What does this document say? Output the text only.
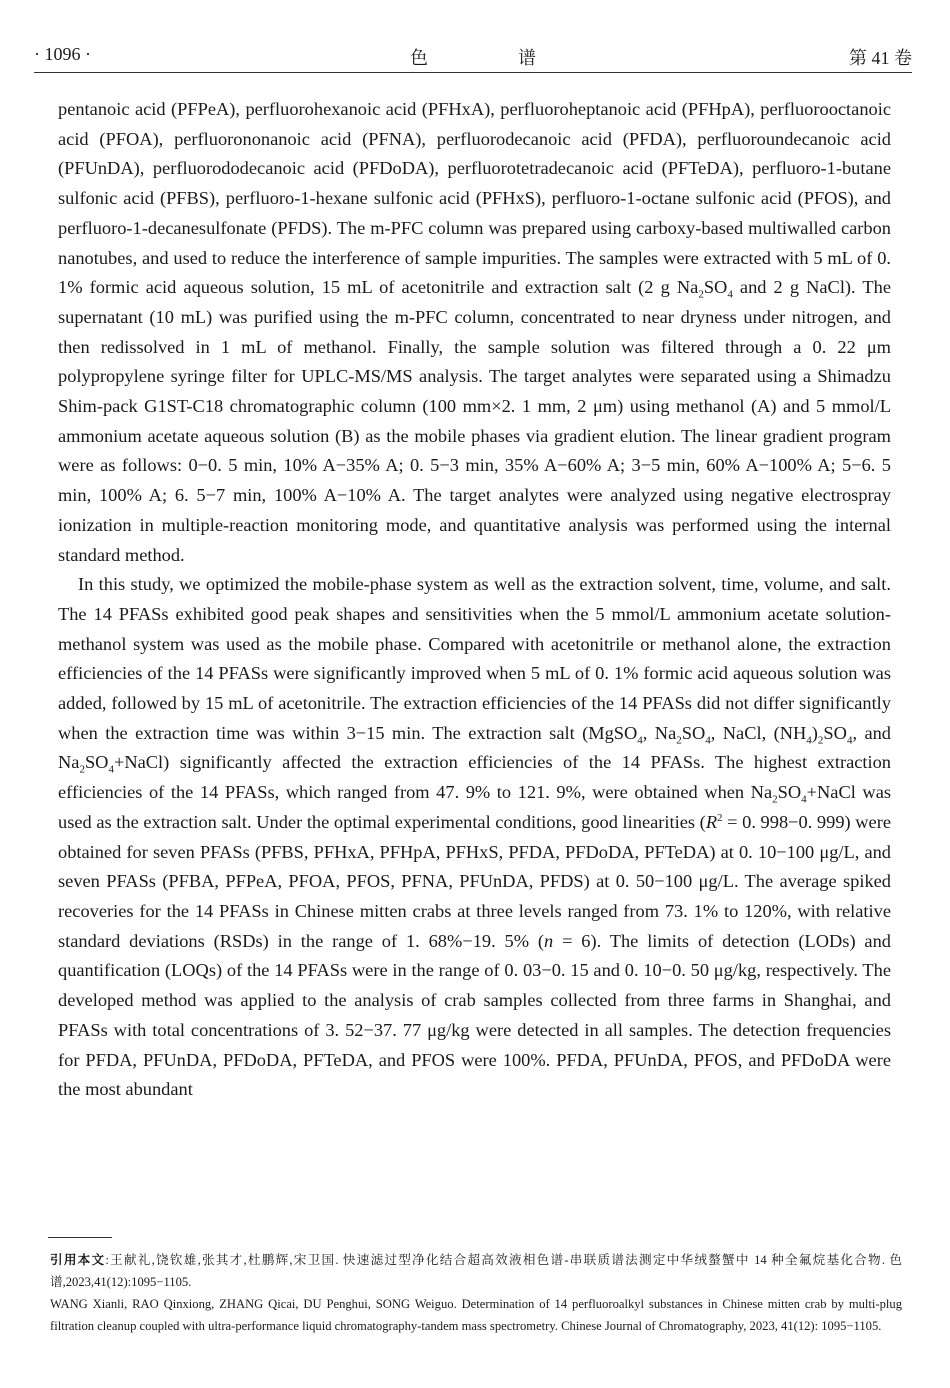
· 1096 ·	色　　　　　谱	第 41 卷

pentanoic acid (PFPeA), perfluorohexanoic acid (PFHxA), perfluoroheptanoic acid (PFHpA), perfluorooctanoic acid (PFOA), perfluorononanoic acid (PFNA), perfluorodecanoic acid (PFDA), perfluoroundecanoic acid (PFUnDA), perfluorododecanoic acid (PFDoDA), perfluorotetradecanoic acid (PFTeDA), perfluoro-1-butane sulfonic acid (PFBS), perfluoro-1-hexane sulfonic acid (PFHxS), perfluoro-1-octane sulfonic acid (PFOS), and perfluoro-1-decanesulfonate (PFDS). The m-PFC column was prepared using carboxy-based multiwalled carbon nanotubes, and used to reduce the interference of sample impurities. The samples were extracted with 5 mL of 0. 1% formic acid aqueous solution, 15 mL of acetonitrile and extraction salt (2 g $Na_2SO_4$ and 2 g NaCl). The supernatant (10 mL) was purified using the m-PFC column, concentrated to near dryness under nitrogen, and then redissolved in 1 mL of methanol. Finally, the sample solution was filtered through a 0. 22 μm polypropylene syringe filter for UPLC-MS/MS analysis. The target analytes were separated using a Shimadzu Shim-pack G1ST-C18 chromatographic column (100 mm×2. 1 mm, 2 μm) using methanol (A) and 5 mmol/L ammonium acetate aqueous solution (B) as the mobile phases via gradient elution. The linear gradient program were as follows: 0−0. 5 min, 10% A−35% A; 0. 5−3 min, 35% A−60% A; 3−5 min, 60% A−100% A; 5−6. 5 min, 100% A; 6. 5−7 min, 100% A−10% A. The target analytes were analyzed using negative electrospray ionization in multiple-reaction monitoring mode, and quantitative analysis was performed using the internal standard method.

In this study, we optimized the mobile-phase system as well as the extraction solvent, time, volume, and salt. The 14 PFASs exhibited good peak shapes and sensitivities when the 5 mmol/L ammonium acetate solution-methanol system was used as the mobile phase. Compared with acetonitrile or methanol alone, the extraction efficiencies of the 14 PFASs were significantly improved when 5 mL of 0. 1% formic acid aqueous solution was added, followed by 15 mL of acetonitrile. The extraction efficiencies of the 14 PFASs did not differ significantly when the extraction time was within 3−15 min. The extraction salt (MgSO$_4$, $Na_2SO_4$, NaCl, $(NH_4)_2SO_4$, and $Na_2SO_4+NaCl$) significantly affected the extraction efficiencies of the 14 PFASs. The highest extraction efficiencies of the 14 PFASs, which ranged from 47. 9% to 121. 9%, were obtained when $Na_2SO_4+NaCl$ was used as the extraction salt. Under the optimal experimental conditions, good linearities ($R^2 = 0$. 998−0. 999) were obtained for seven PFASs (PFBS, PFHxA, PFHpA, PFHxS, PFDA, PFDoDA, PFTeDA) at 0. 10−100 μg/L, and seven PFASs (PFBA, PFPeA, PFOA, PFOS, PFNA, PFUnDA, PFDS) at 0. 50−100 μg/L. The average spiked recoveries for the 14 PFASs in Chinese mitten crabs at three levels ranged from 73. 1% to 120%, with relative standard deviations (RSDs) in the range of 1. 68%−19. 5% (n = 6). The limits of detection (LODs) and quantification (LOQs) of the 14 PFASs were in the range of 0. 03−0. 15 and 0. 10−0. 50 μg/kg, respectively. The developed method was applied to the analysis of crab samples collected from three farms in Shanghai, and PFASs with total concentrations of 3. 52−37. 77 μg/kg were detected in all samples. The detection frequencies for PFDA, PFUnDA, PFDoDA, PFTeDA, and PFOS were 100%. PFDA, PFUnDA, PFOS, and PFDoDA were the most abundant

引用本文:王献礼,饶钦雄,张其才,杜鹏辉,宋卫国. 快速滤过型净化结合超高效液相色谱-串联质谱法测定中华绒螯蟹中 14 种全氟烷基化合物. 色谱,2023,41(12):1095−1105.

WANG Xianli, RAO Qinxiong, ZHANG Qicai, DU Penghui, SONG Weiguo. Determination of 14 perfluoroalkyl substances in Chinese mitten crab by multi-plug filtration cleanup coupled with ultra-performance liquid chromatography-tandem mass spectrometry. Chinese Journal of Chromatography, 2023, 41(12): 1095−1105.
